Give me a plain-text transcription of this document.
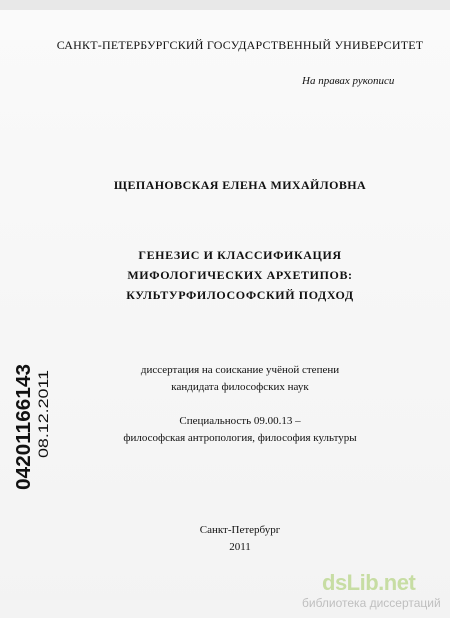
САНКТ-ПЕТЕРБУРГСКИЙ ГОСУДАРСТВЕННЫЙ УНИВЕРСИТЕТ
На правах рукописи
ЩЕПАНОВСКАЯ ЕЛЕНА МИХАЙЛОВНА
ГЕНЕЗИС И КЛАССИФИКАЦИЯ
МИФОЛОГИЧЕСКИХ АРХЕТИПОВ:
КУЛЬТУРФИЛОСОФСКИЙ ПОДХОД
диссертация на соискание учёной степени
кандидата философских наук
Специальность 09.00.13 –
философская антропология, философия культуры
Санкт-Петербург
2011
04201166143 08.12.2011
dsLib.net
библиотека диссертаций
